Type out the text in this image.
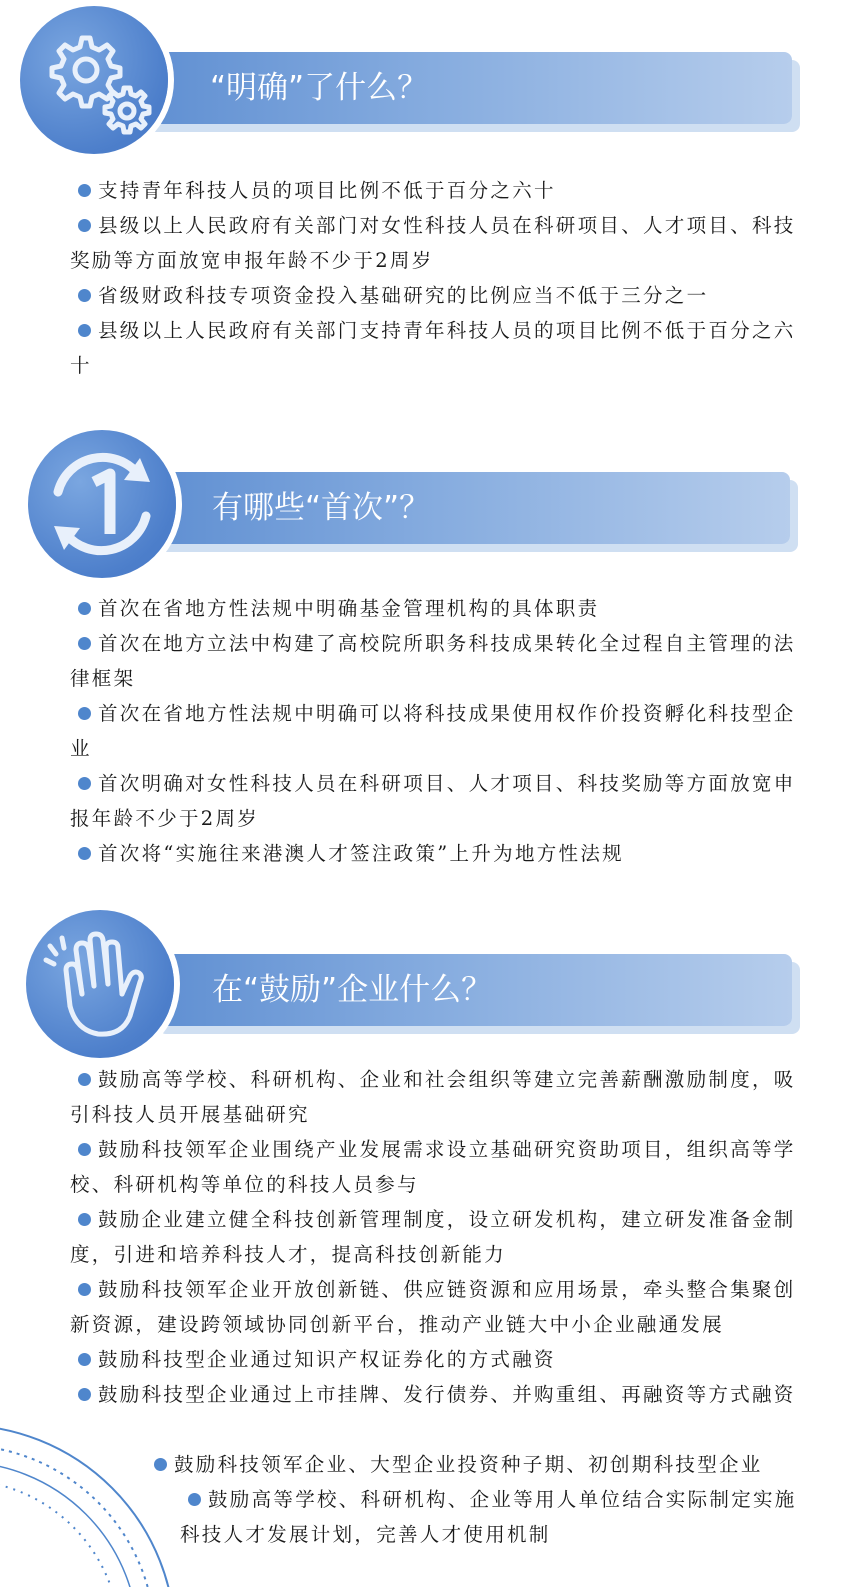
“明确”了什么？
支持青年科技人员的项目比例不低于百分之六十
县级以上人民政府有关部门对女性科技人员在科研项目、人才项目、科技奖励等方面放宽申报年龄不少于2周岁
省级财政科技专项资金投入基础研究的比例应当不低于三分之一
县级以上人民政府有关部门支持青年科技人员的项目比例不低于百分之六十
有哪些“首次”？
首次在省地方性法规中明确基金管理机构的具体职责
首次在地方立法中构建了高校院所职务科技成果转化全过程自主管理的法律框架
首次在省地方性法规中明确可以将科技成果使用权作价投资孵化科技型企业
首次明确对女性科技人员在科研项目、人才项目、科技奖励等方面放宽申报年龄不少于2周岁
首次将“实施往来港澳人才签注政策”上升为地方性法规
在“鼓励”企业什么？
鼓励高等学校、科研机构、企业和社会组织等建立完善薪酬激励制度，吸引科技人员开展基础研究
鼓励科技领军企业围绕产业发展需求设立基础研究资助项目，组织高等学校、科研机构等单位的科技人员参与
鼓励企业建立健全科技创新管理制度，设立研发机构，建立研发准备金制度，引进和培养科技人才，提高科技创新能力
鼓励科技领军企业开放创新链、供应链资源和应用场景，牵头整合集聚创新资源，建设跨领域协同创新平台，推动产业链大中小企业融通发展
鼓励科技型企业通过知识产权证券化的方式融资
鼓励科技型企业通过上市挂牌、发行债券、并购重组、再融资等方式融资
鼓励科技领军企业、大型企业投资种子期、初创期科技型企业
鼓励高等学校、科研机构、企业等用人单位结合实际制定实施科技人才发展计划，完善人才使用机制
